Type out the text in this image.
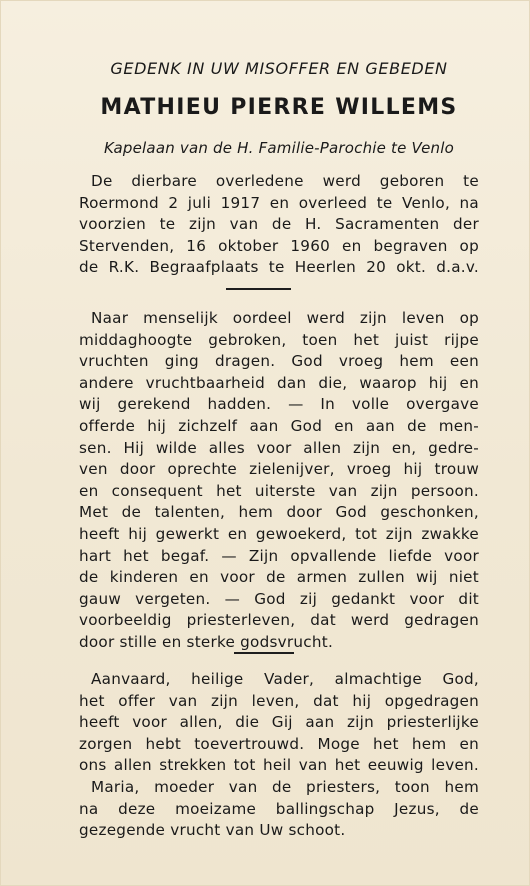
GEDENK IN UW MISOFFER EN GEBEDEN
MATHIEU PIERRE WILLEMS
Kapelaan van de H. Familie-Parochie te Venlo
De dierbare overledene werd geboren te
Roermond 2 juli 1917 en overleed te Venlo, na
voorzien te zijn van de H. Sacramenten der
Stervenden, 16 oktober 1960 en begraven op
de R.K. Begraafplaats te Heerlen 20 okt. d.a.v.
Naar menselijk oordeel werd zijn leven op
middaghoogte gebroken, toen het juist rijpe
vruchten ging dragen. God vroeg hem een
andere vruchtbaarheid dan die, waarop hij en
wij gerekend hadden. — In volle overgave
offerde hij zichzelf aan God en aan de men-
sen. Hij wilde alles voor allen zijn en, gedre-
ven door oprechte zielenijver, vroeg hij trouw
en consequent het uiterste van zijn persoon.
Met de talenten, hem door God geschonken,
heeft hij gewerkt en gewoekerd, tot zijn zwakke
hart het begaf. — Zijn opvallende liefde voor
de kinderen en voor de armen zullen wij niet
gauw vergeten. — God zij gedankt voor dit
voorbeeldig priesterleven, dat werd gedragen
door stille en sterke godsvrucht.
Aanvaard, heilige Vader, almachtige God,
het offer van zijn leven, dat hij opgedragen
heeft voor allen, die Gij aan zijn priesterlijke
zorgen hebt toevertrouwd. Moge het hem en
ons allen strekken tot heil van het eeuwig leven.
Maria, moeder van de priesters, toon hem
na deze moeizame ballingschap Jezus, de
gezegende vrucht van Uw schoot.
